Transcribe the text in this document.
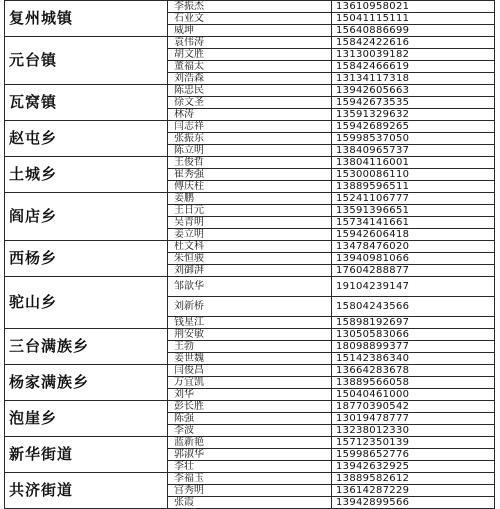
复州城镇	李振杰	13610958021
	石业文	15041115111
	威坤	15640886699
元台镇	袁伟涛	15842422616
	胡文胜	13130039182
	董福太	15842466619
	刘浩森	13134117318
瓦窝镇	陈忠民	13942605663
	徐文圣	15942673535
	林涛	13591329632
赵屯乡	闫志祥	15942689265
	张振东	15998537050
	陈立明	13840965737
土城乡	王俊哲	13804116001
	崔秀强	15300086110
	傅庆柱	13889596511
阎店乡	姜鹏	15241106777
	王日元	13591396651
	吴青明	15734141661
	姜立明	15942606418
西杨乡	杜文科	13478476020
	朱恒骏	13940981066
	刘御湃	17604288877
驼山乡	邹歆华	19104239147
	刘新桥	15804243566
	钱星江	15898192697
三台满族乡	荆安敏	13050583066
	王勃	18098899377
	姜世魏	15142386340
杨家满族乡	闫俊昌	13664283678
	万宜凯	13889566058
	刘华	15040461000
泡崖乡	彭长胜	18770390542
	陈强	13019478777
	李波	13238012330
新华街道	蓝新艳	15712350139
	郭淑华	15998652776
	李壮	13942632925
共济街道	李福玉	13889582612
	宫秀明	13614287229
	张霞	13942899566
